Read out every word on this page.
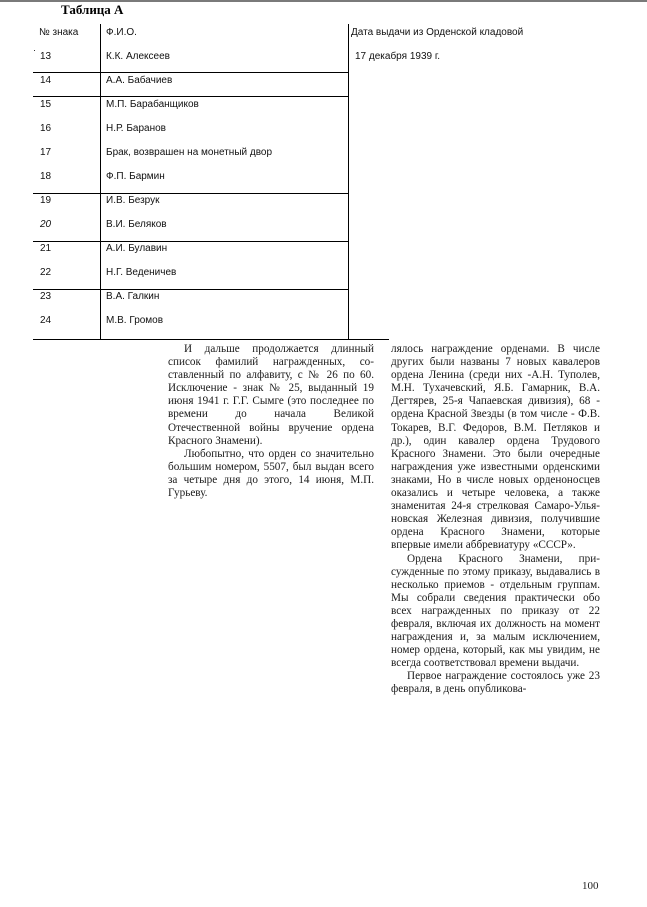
Таблица А
№ знака	Ф.И.О.	Дата выдачи из Орденской кладовой
17 декабря 1939 г.
13	К.К. Алексеев
14	А.А. Бабачиев
15	М.П. Барабанщиков
16	Н.Р. Баранов
17	Брак, возврашен на монетный двор
18	Ф.П. Бармин
19	И.В. Безрук
20	В.И. Беляков
21	А.И. Булавин
22	Н.Г. Веденичев
23	В.А. Галкин
24	М.В. Громов

И дальше продолжается длинный список фамилий награжденных, составленный по алфавиту, с № 26 по 60. Исключение - знак № 25, выданный 19 июня 1941 г. Г.Г. Сымге (это последнее по времени до начала Великой Отечественной войны вручение ордена Красного Знамени).

Любопытно, что орден со значительно большим номером, 5507, был выдан всего за четыре дня до этого, 14 июня, М.П. Гурьеву.

лялось награждение орденами. В числе других были названы 7 новых кавалеров ордена Ленина (среди них -А.Н. Туполев, М.Н. Тухачевский, Я.Б. Гамарник, В.А. Дегтярев, 25-я Чапаевская дивизия), 68 - ордена Красной Звезды (в том числе - Ф.В. Токарев, В.Г. Федоров, В.М. Петляков и др.), один кавалер ордена Трудового Красного Знамени. Это были очередные награждения уже известными орденскими знаками, Но в числе новых орденоносцев оказались и четыре человека, а также знаменитая 24-я стрелковая Самаро-Улья-новская Железная дивизия, получившие ордена Красного Знамени, которые впервые имели аббревиатуру «СССР».

Ордена Красного Знамени, присужденные по этому приказу, выдавались в несколько приемов - отдельным группам. Мы собрали сведения практически обо всех награжденных по приказу от 22 февраля, включая их должность на момент награждения и, за малым исключением, номер ордена, который, как мы увидим, не всегда соответствовал времени выдачи.

Первое награждение состоялось уже 23 февраля, в день опубликова-

100
